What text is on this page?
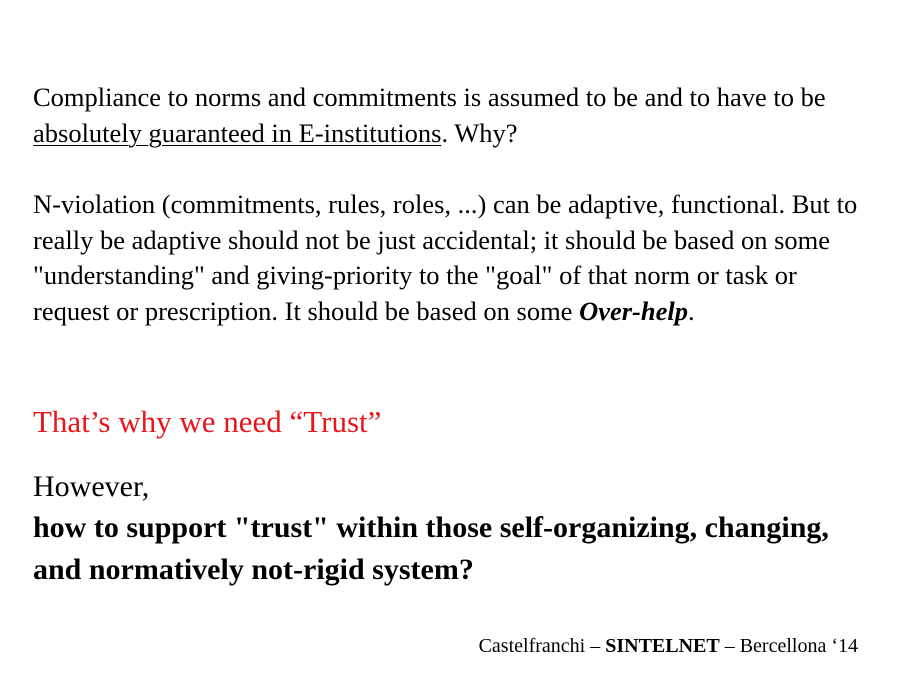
Compliance to norms and commitments is assumed to be and to have to be absolutely guaranteed in E-institutions. Why?

N-violation (commitments, rules, roles, ...) can be adaptive, functional. But to really be adaptive should not be just accidental; it should be based on some "understanding" and giving-priority to the "goal" of that norm or task or request or prescription. It should be based on some Over-help.

That’s why we need “Trust”

However,

how to support "trust" within those self-organizing, changing, and normatively not-rigid system?

Castelfranchi – SINTELNET – Bercellona ‘14
